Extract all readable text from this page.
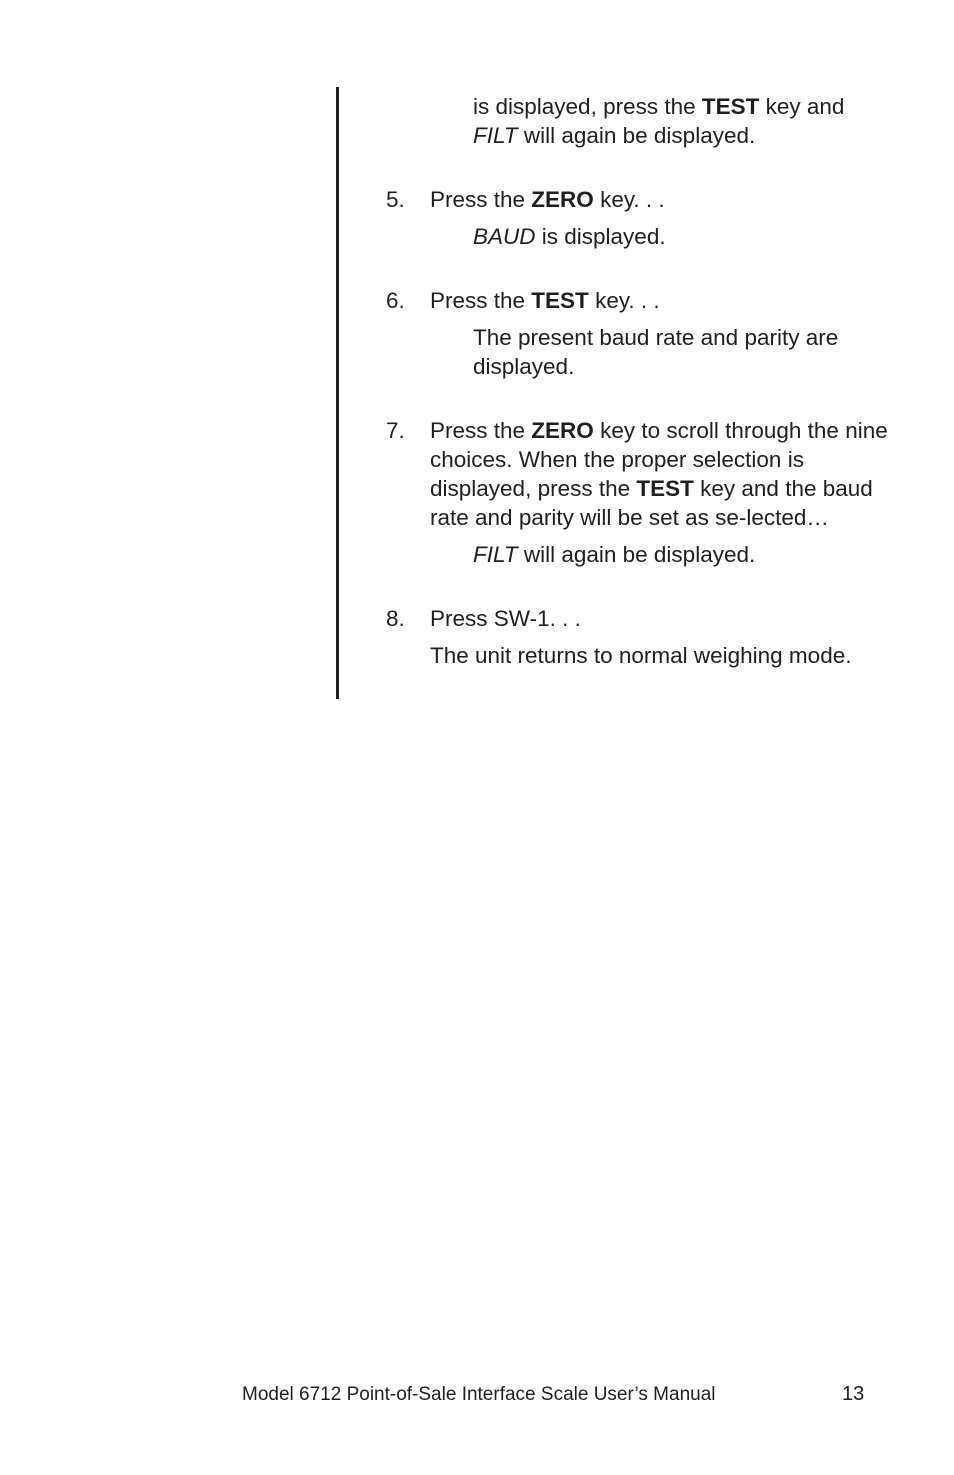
is displayed, press the TEST key and
FILT will again be displayed.
5.	Press the ZERO key. . .

BAUD is displayed.
6.	Press the TEST key. . .

The present baud rate and parity are displayed.
7.	Press the ZERO key to scroll through the nine choices. When the proper selection is displayed, press the TEST key and the baud rate and parity will be set as se-lected…

FILT will again be displayed.
8.	Press SW-1. . .

The unit returns to normal weighing mode.
Model 6712 Point-of-Sale Interface Scale User’s Manual	13
